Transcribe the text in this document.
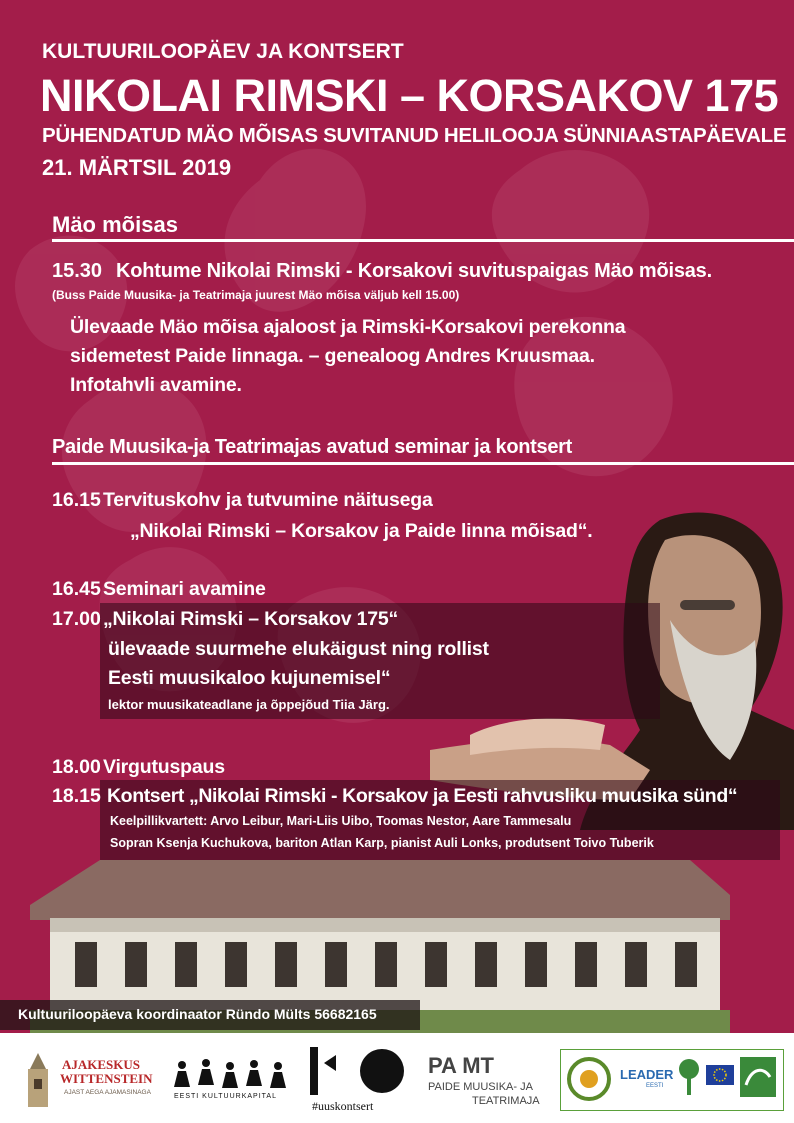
KULTUURILOOPÄEV JA KONTSERT
NIKOLAI RIMSKI – KORSAKOV 175
PÜHENDATUD MÄO MÕISAS SUVITANUD HELILOOJA SÜNNIAASTAPÄEVALE
21. MÄRTSIL 2019
Mäo mõisas
15.30 Kohtume Nikolai Rimski - Korsakovi suvituspaigas Mäo mõisas.
(Buss Paide Muusika- ja Teatrimaja juurest Mäo mõisa väljub kell 15.00)
Ülevaade Mäo mõisa ajaloost ja Rimski-Korsakovi perekonna
sidemetest Paide linnaga. – genealoog Andres Kruusmaa.
Infotahvli avamine.
Paide Muusika-ja Teatrimajas avatud seminar ja kontsert
16.15 Tervituskohv ja tutvumine näitusega
„Nikolai Rimski – Korsakov ja Paide linna mõisad“.
16.45 Seminari avamine
17.00 „Nikolai Rimski – Korsakov 175“
ülevaade suurmehe elukäigust ning rollist
Eesti muusikaloo kujunemisel“
lektor muusikateadlane ja õppejõud Tiia Järg.
18.00 Virgutuspaus
18.15 Kontsert „Nikolai Rimski - Korsakov ja Eesti rahvusliku muusika sünd“
Keelpillikvartett: Arvo Leibur, Mari-Liis Uibo, Toomas Nestor, Aare Tammesalu
Sopran Ksenja Kuchukova, bariton Atlan Karp, pianist Auli Lonks, produtsent Toivo Tuberik
Kultuuriloopäeva koordinaator Ründo Mülts 56682165
AJAKESKUS
WITTENSTEIN
AJAST AEGA AJAMASINAGA
EESTI KULTUURKAPITAL
#uuskontsert
PA MT
PAIDE MUUSIKA- JA
TEATRIMAJA
LEADER
EESTI
